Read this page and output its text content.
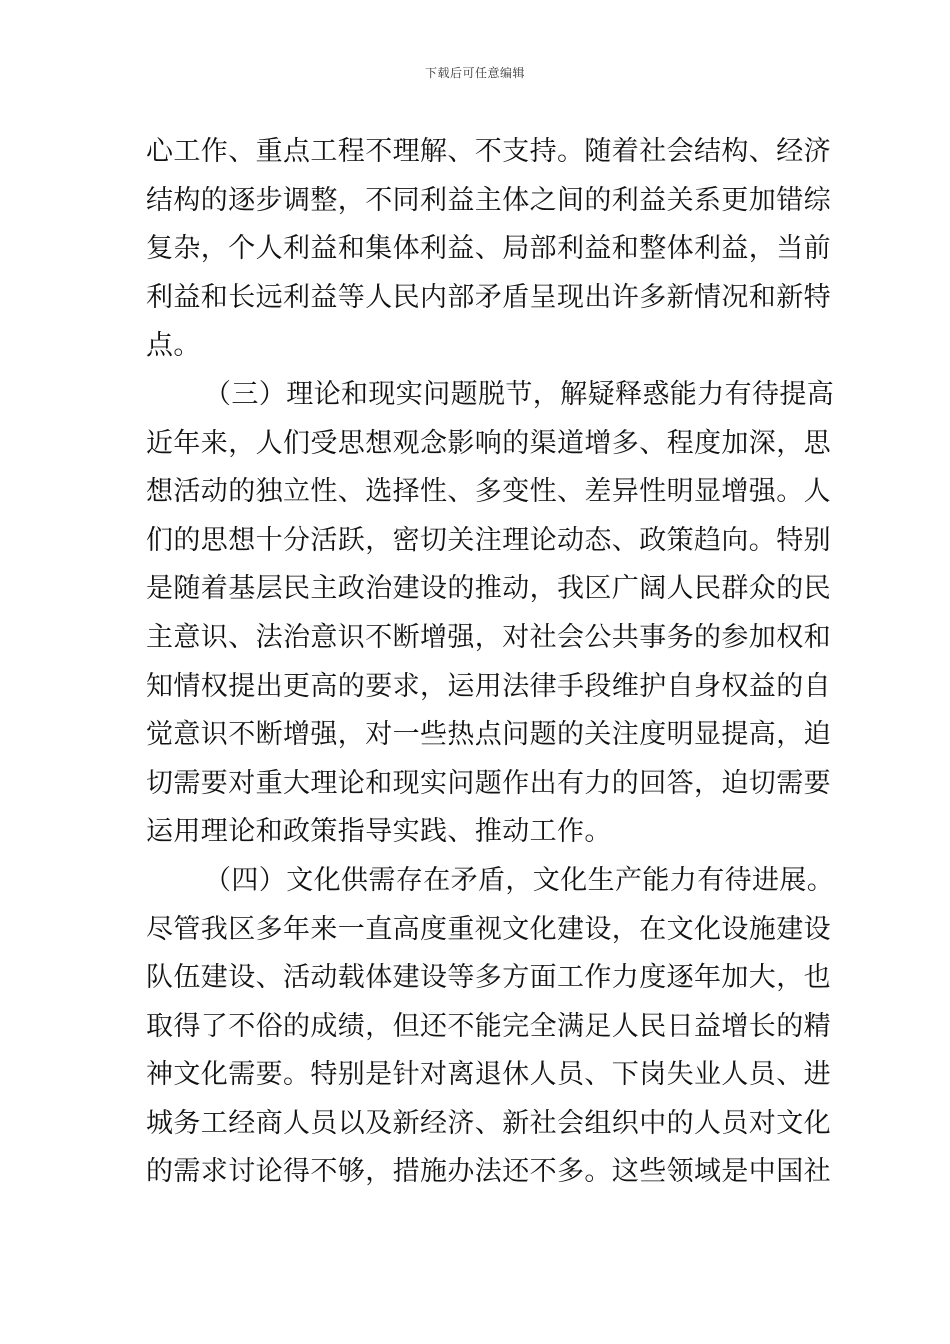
下载后可任意编辑
心工作、重点工程不理解、不支持。随着社会结构、经济
结构的逐步调整，不同利益主体之间的利益关系更加错综
复杂，个人利益和集体利益、局部利益和整体利益，当前
利益和长远利益等人民内部矛盾呈现出许多新情况和新特
点。
（三）理论和现实问题脱节，解疑释惑能力有待提高
近年来，人们受思想观念影响的渠道增多、程度加深，思
想活动的独立性、选择性、多变性、差异性明显增强。人
们的思想十分活跃，密切关注理论动态、政策趋向。特别
是随着基层民主政治建设的推动，我区广阔人民群众的民
主意识、法治意识不断增强，对社会公共事务的参加权和
知情权提出更高的要求，运用法律手段维护自身权益的自
觉意识不断增强，对一些热点问题的关注度明显提高，迫
切需要对重大理论和现实问题作出有力的回答，迫切需要
运用理论和政策指导实践、推动工作。
（四）文化供需存在矛盾，文化生产能力有待进展。
尽管我区多年来一直高度重视文化建设，在文化设施建设
队伍建设、活动载体建设等多方面工作力度逐年加大，也
取得了不俗的成绩，但还不能完全满足人民日益增长的精
神文化需要。特别是针对离退休人员、下岗失业人员、进
城务工经商人员以及新经济、新社会组织中的人员对文化
的需求讨论得不够，措施办法还不多。这些领域是中国社
